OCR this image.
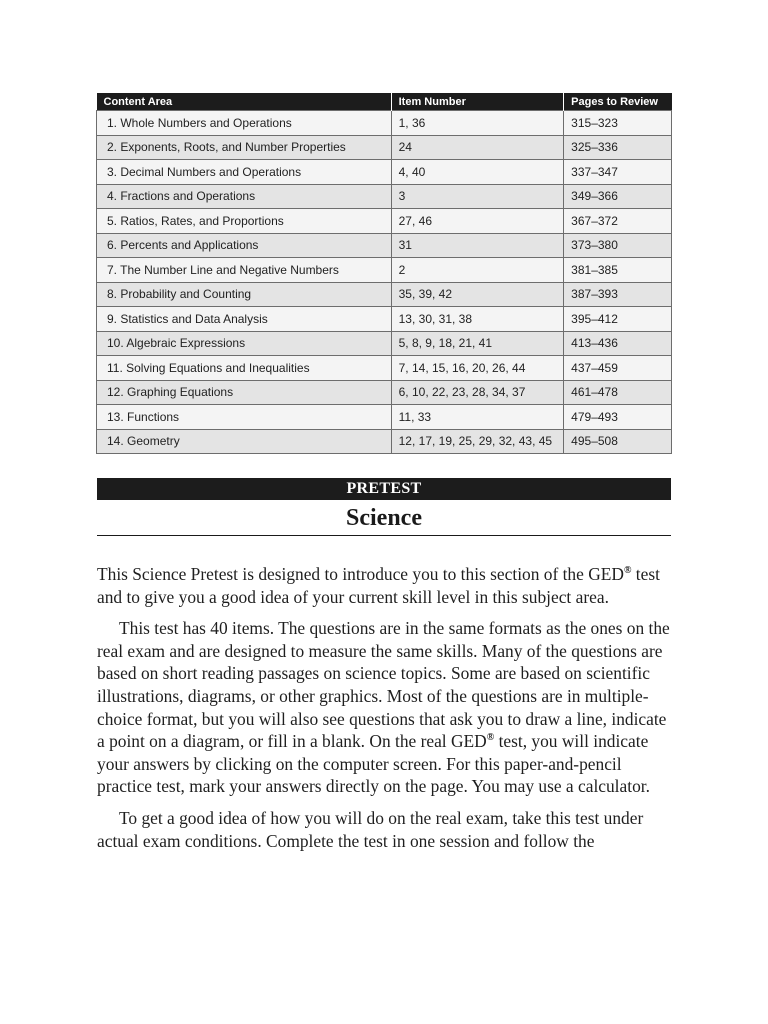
Content Area	Item Number	Pages to Review
1. Whole Numbers and Operations	1, 36	315–323
2. Exponents, Roots, and Number Properties	24	325–336
3. Decimal Numbers and Operations	4, 40	337–347
4. Fractions and Operations	3	349–366
5. Ratios, Rates, and Proportions	27, 46	367–372
6. Percents and Applications	31	373–380
7. The Number Line and Negative Numbers	2	381–385
8. Probability and Counting	35, 39, 42	387–393
9. Statistics and Data Analysis	13, 30, 31, 38	395–412
10. Algebraic Expressions	5, 8, 9, 18, 21, 41	413–436
11. Solving Equations and Inequalities	7, 14, 15, 16, 20, 26, 44	437–459
12. Graphing Equations	6, 10, 22, 23, 28, 34, 37	461–478
13. Functions	11, 33	479–493
14. Geometry	12, 17, 19, 25, 29, 32, 43, 45	495–508
PRETEST
Science

This Science Pretest is designed to introduce you to this section of the GED® test and to give you a good idea of your current skill level in this subject area.

This test has 40 items. The questions are in the same formats as the ones on the real exam and are designed to measure the same skills. Many of the questions are based on short reading passages on science topics. Some are based on scientific illustrations, diagrams, or other graphics. Most of the questions are in multiple-choice format, but you will also see questions that ask you to draw a line, indicate a point on a diagram, or fill in a blank. On the real GED® test, you will indicate your answers by clicking on the computer screen. For this paper-and-pencil practice test, mark your answers directly on the page. You may use a calculator.

To get a good idea of how you will do on the real exam, take this test under actual exam conditions. Complete the test in one session and follow the
